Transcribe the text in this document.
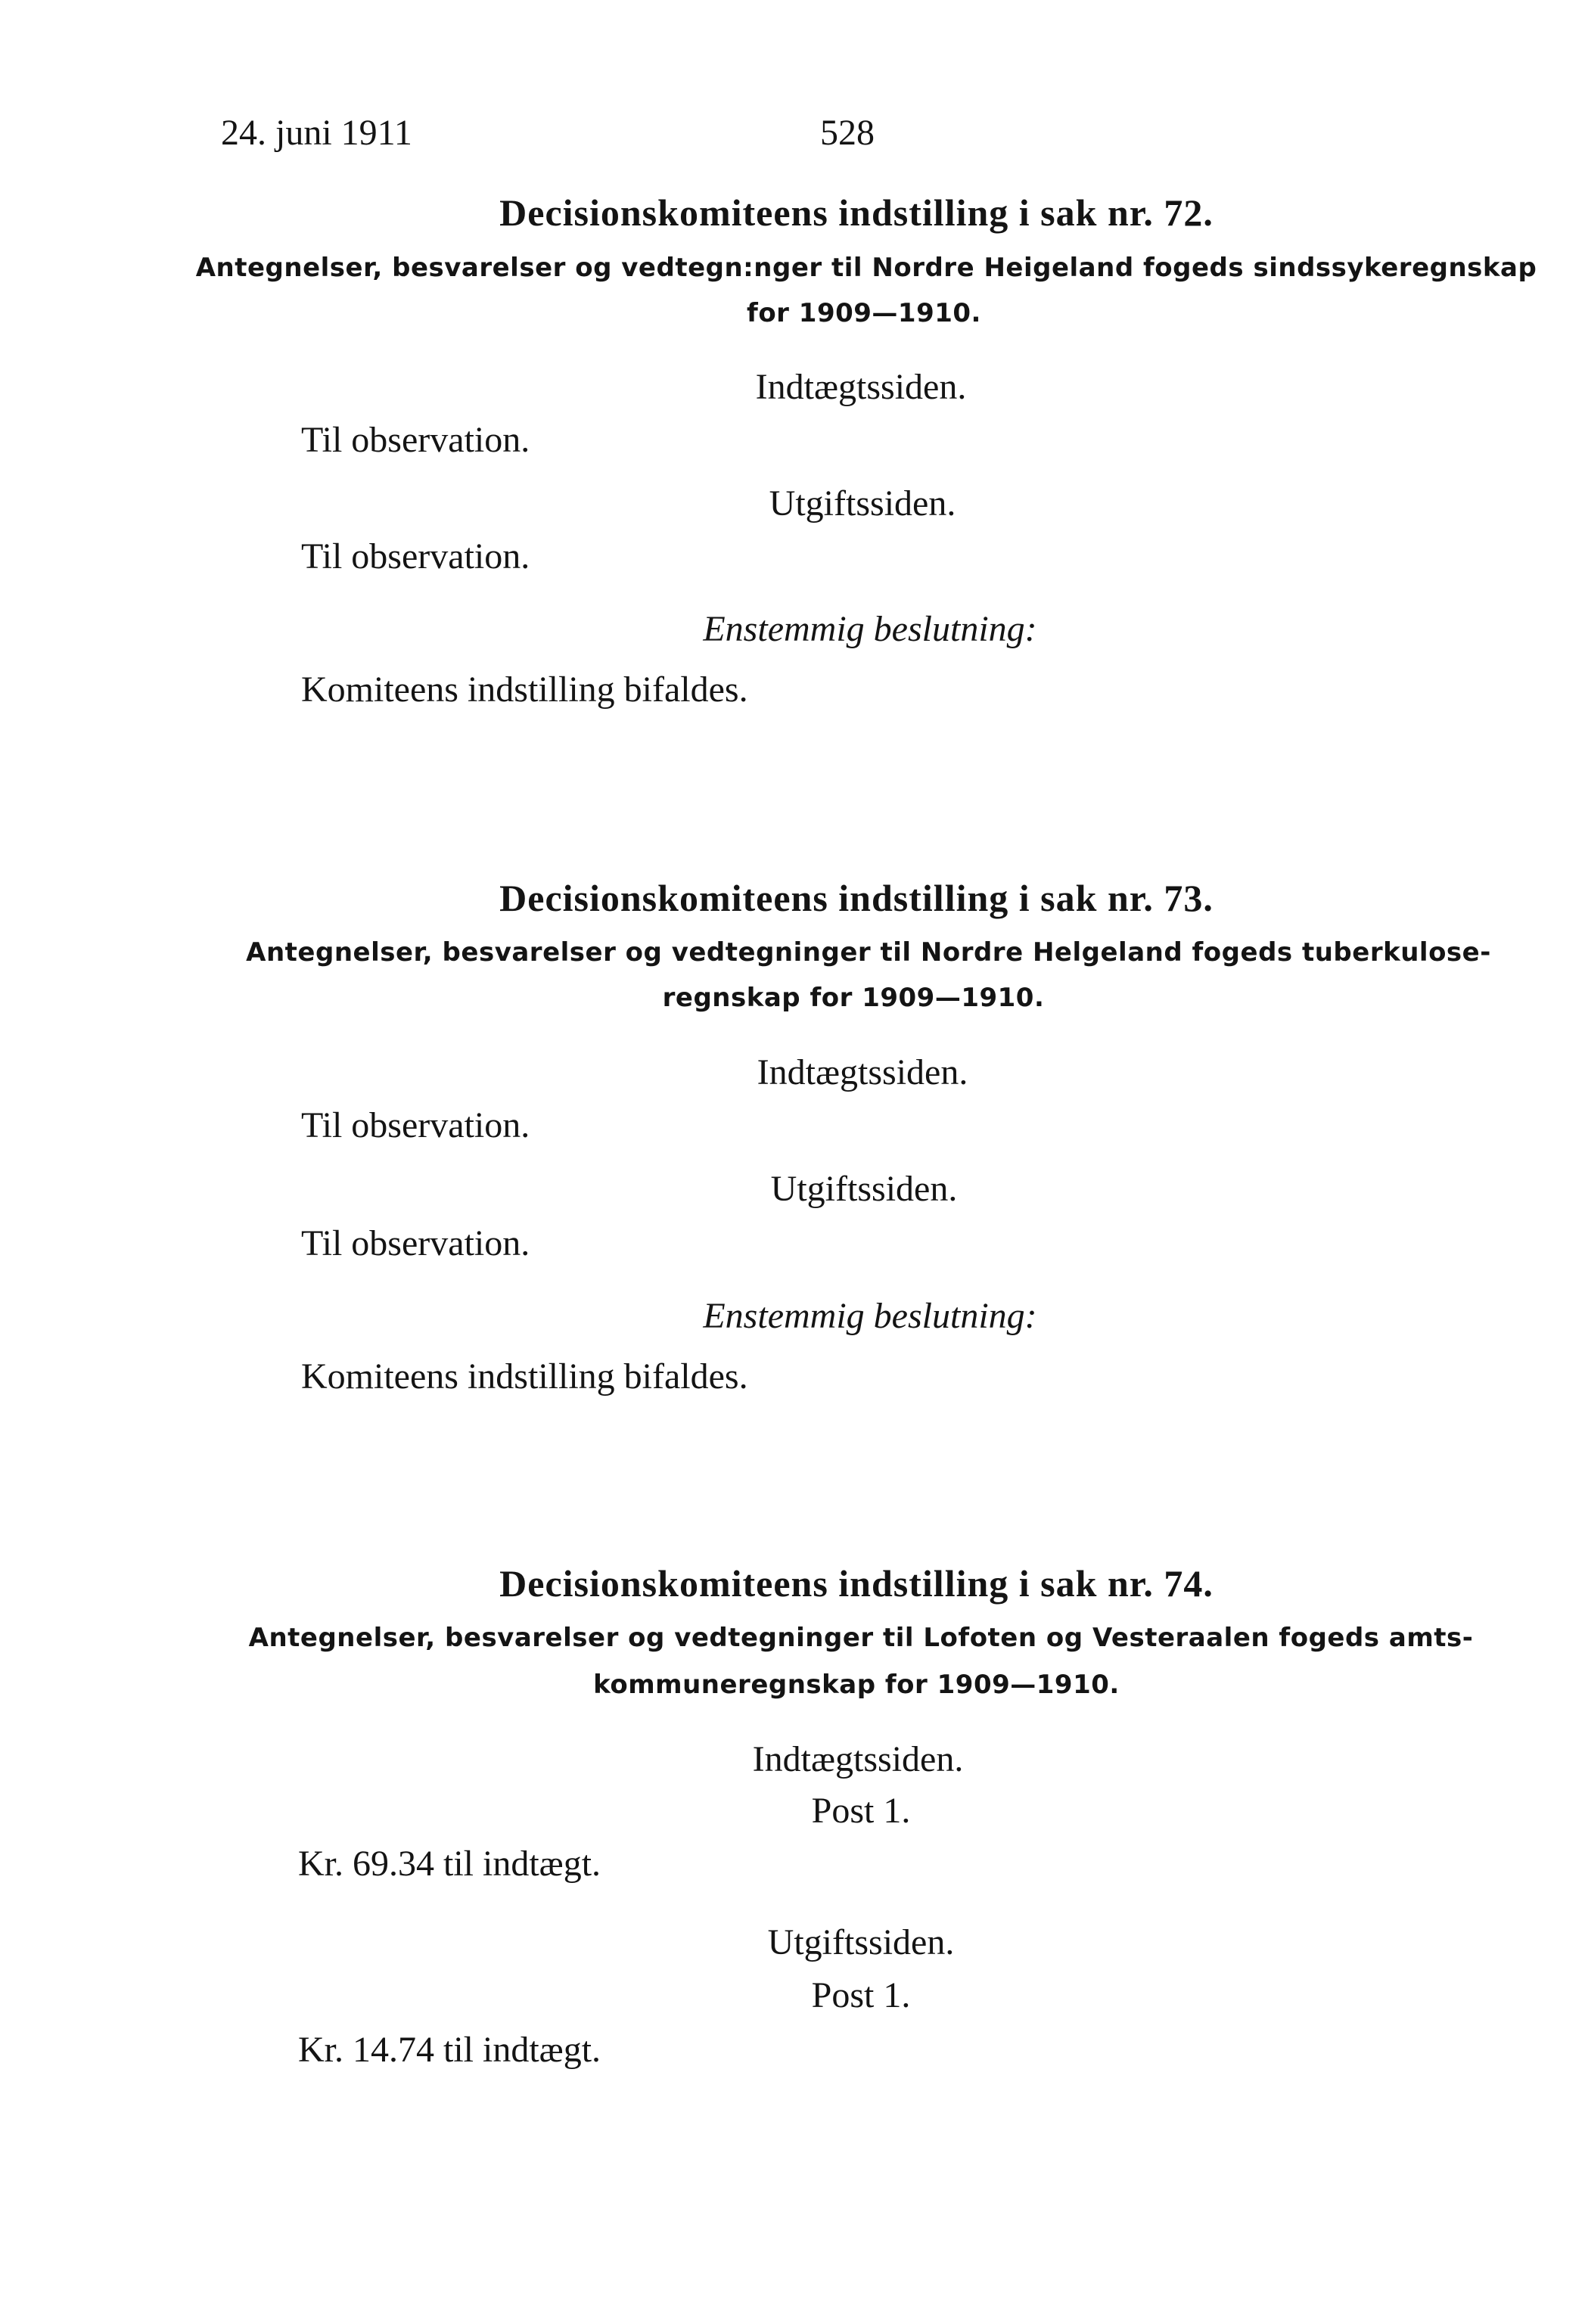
24. juni 1911	528
Decisionskomiteens indstilling i sak nr. 72.
Antegnelser, besvarelser og vedtegn:nger til Nordre Heigeland fogeds sindssykeregnskap
for 1909—1910.
Indtægtssiden.
Til observation.
Utgiftssiden.
Til observation.
Enstemmig beslutning:
Komiteens indstilling bifaldes.
Decisionskomiteens indstilling i sak nr. 73.
Antegnelser, besvarelser og vedtegninger til Nordre Helgeland fogeds tuberkulose-
regnskap for 1909—1910.
Indtægtssiden.
Til observation.
Utgiftssiden.
Til observation.
Enstemmig beslutning:
Komiteens indstilling bifaldes.
Decisionskomiteens indstilling i sak nr. 74.
Antegnelser, besvarelser og vedtegninger til Lofoten og Vesteraalen fogeds amts-
kommuneregnskap for 1909—1910.
Indtægtssiden.
Post 1.
Kr. 69.34 til indtægt.
Utgiftssiden.
Post 1.
Kr. 14.74 til indtægt.
